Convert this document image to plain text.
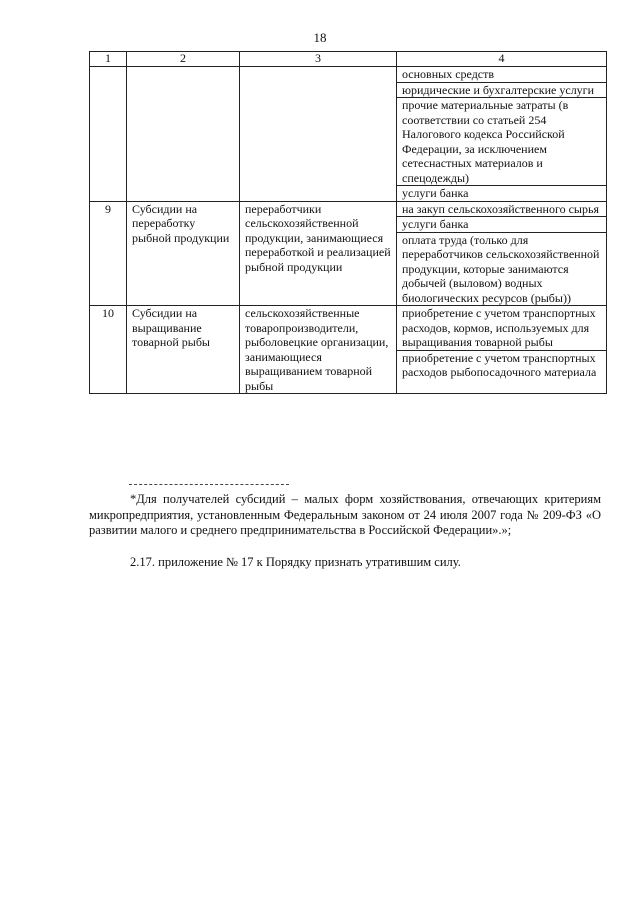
18
1	2	3	4

			основных средств
юридические и бухгалтерские услуги
прочие материальные затраты (в соответствии со статьей 254 Налогового кодекса Российской Федерации, за исключением сетеснастных материалов и спецодежды)
услуги банка

9	Субсидии на переработку рыбной продукции	переработчики сельскохозяйственной продукции, занимающиеся переработкой и реализацией рыбной продукции	на закуп сельскохозяйственного сырья
услуги банка
оплата труда (только для переработчиков сельскохозяйственной продукции, которые занимаются добычей (выловом) водных биологических ресурсов (рыбы))

10	Субсидии на выращивание товарной рыбы	сельскохозяйственные товаропроизводители, рыболовецкие организации, занимающиеся выращиванием товарной рыбы	приобретение с учетом транспортных расходов, кормов, используемых для выращивания товарной рыбы
приобретение с учетом транспортных расходов рыбопосадочного материала

*Для получателей субсидий – малых форм хозяйствования, отвечающих критериям микропредприятия, установленным Федеральным законом от 24 июля 2007 года № 209-ФЗ «О развитии малого и среднего предпринимательства в Российской Федерации».»;

2.17. приложение № 17 к Порядку признать утратившим силу.
